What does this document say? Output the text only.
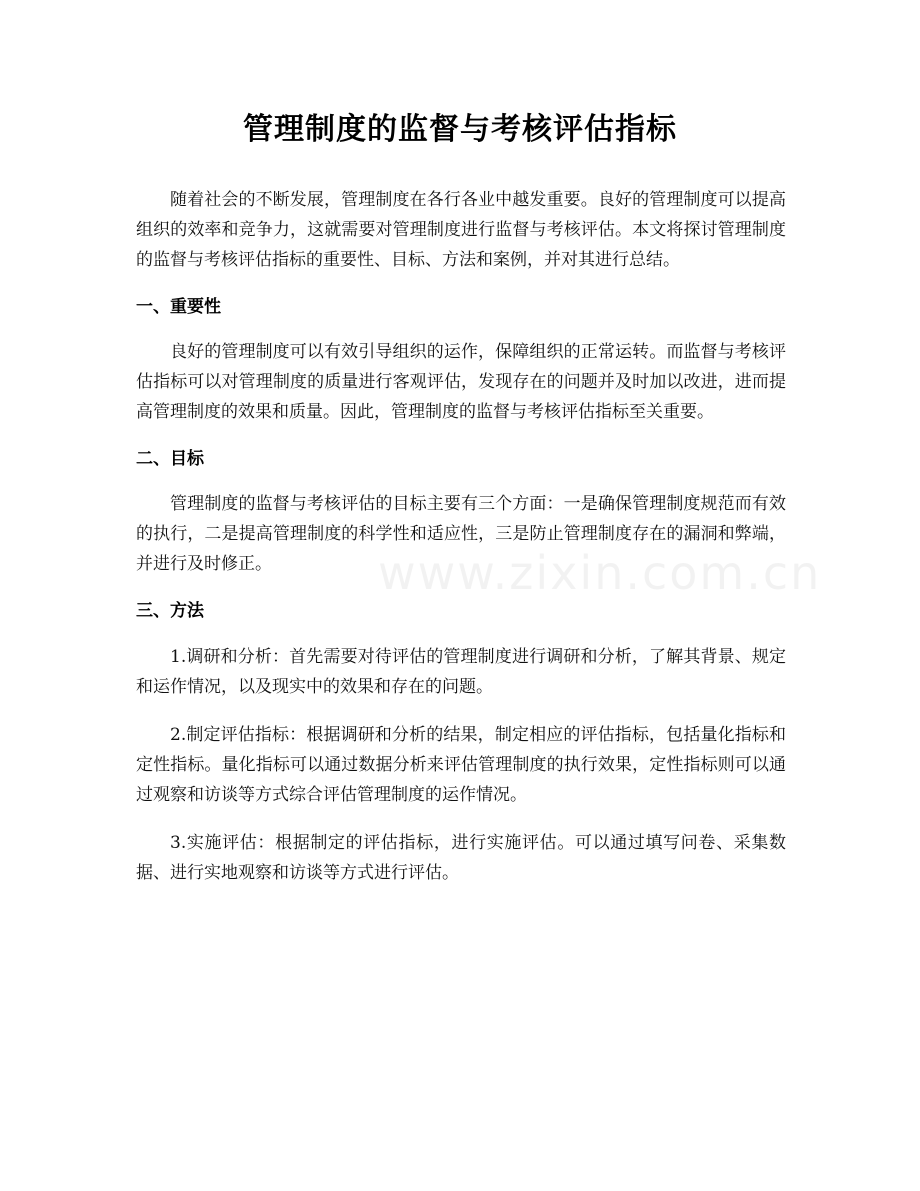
管理制度的监督与考核评估指标

随着社会的不断发展，管理制度在各行各业中越发重要。良好的管理制度可以提高组织的效率和竞争力，这就需要对管理制度进行监督与考核评估。本文将探讨管理制度的监督与考核评估指标的重要性、目标、方法和案例，并对其进行总结。

一、重要性

良好的管理制度可以有效引导组织的运作，保障组织的正常运转。而监督与考核评估指标可以对管理制度的质量进行客观评估，发现存在的问题并及时加以改进，进而提高管理制度的效果和质量。因此，管理制度的监督与考核评估指标至关重要。

二、目标

管理制度的监督与考核评估的目标主要有三个方面：一是确保管理制度规范而有效的执行，二是提高管理制度的科学性和适应性，三是防止管理制度存在的漏洞和弊端，并进行及时修正。

三、方法

1.调研和分析：首先需要对待评估的管理制度进行调研和分析，了解其背景、规定和运作情况，以及现实中的效果和存在的问题。

2.制定评估指标：根据调研和分析的结果，制定相应的评估指标，包括量化指标和定性指标。量化指标可以通过数据分析来评估管理制度的执行效果，定性指标则可以通过观察和访谈等方式综合评估管理制度的运作情况。

3.实施评估：根据制定的评估指标，进行实施评估。可以通过填写问卷、采集数据、进行实地观察和访谈等方式进行评估。

www.zixin.com.cn
